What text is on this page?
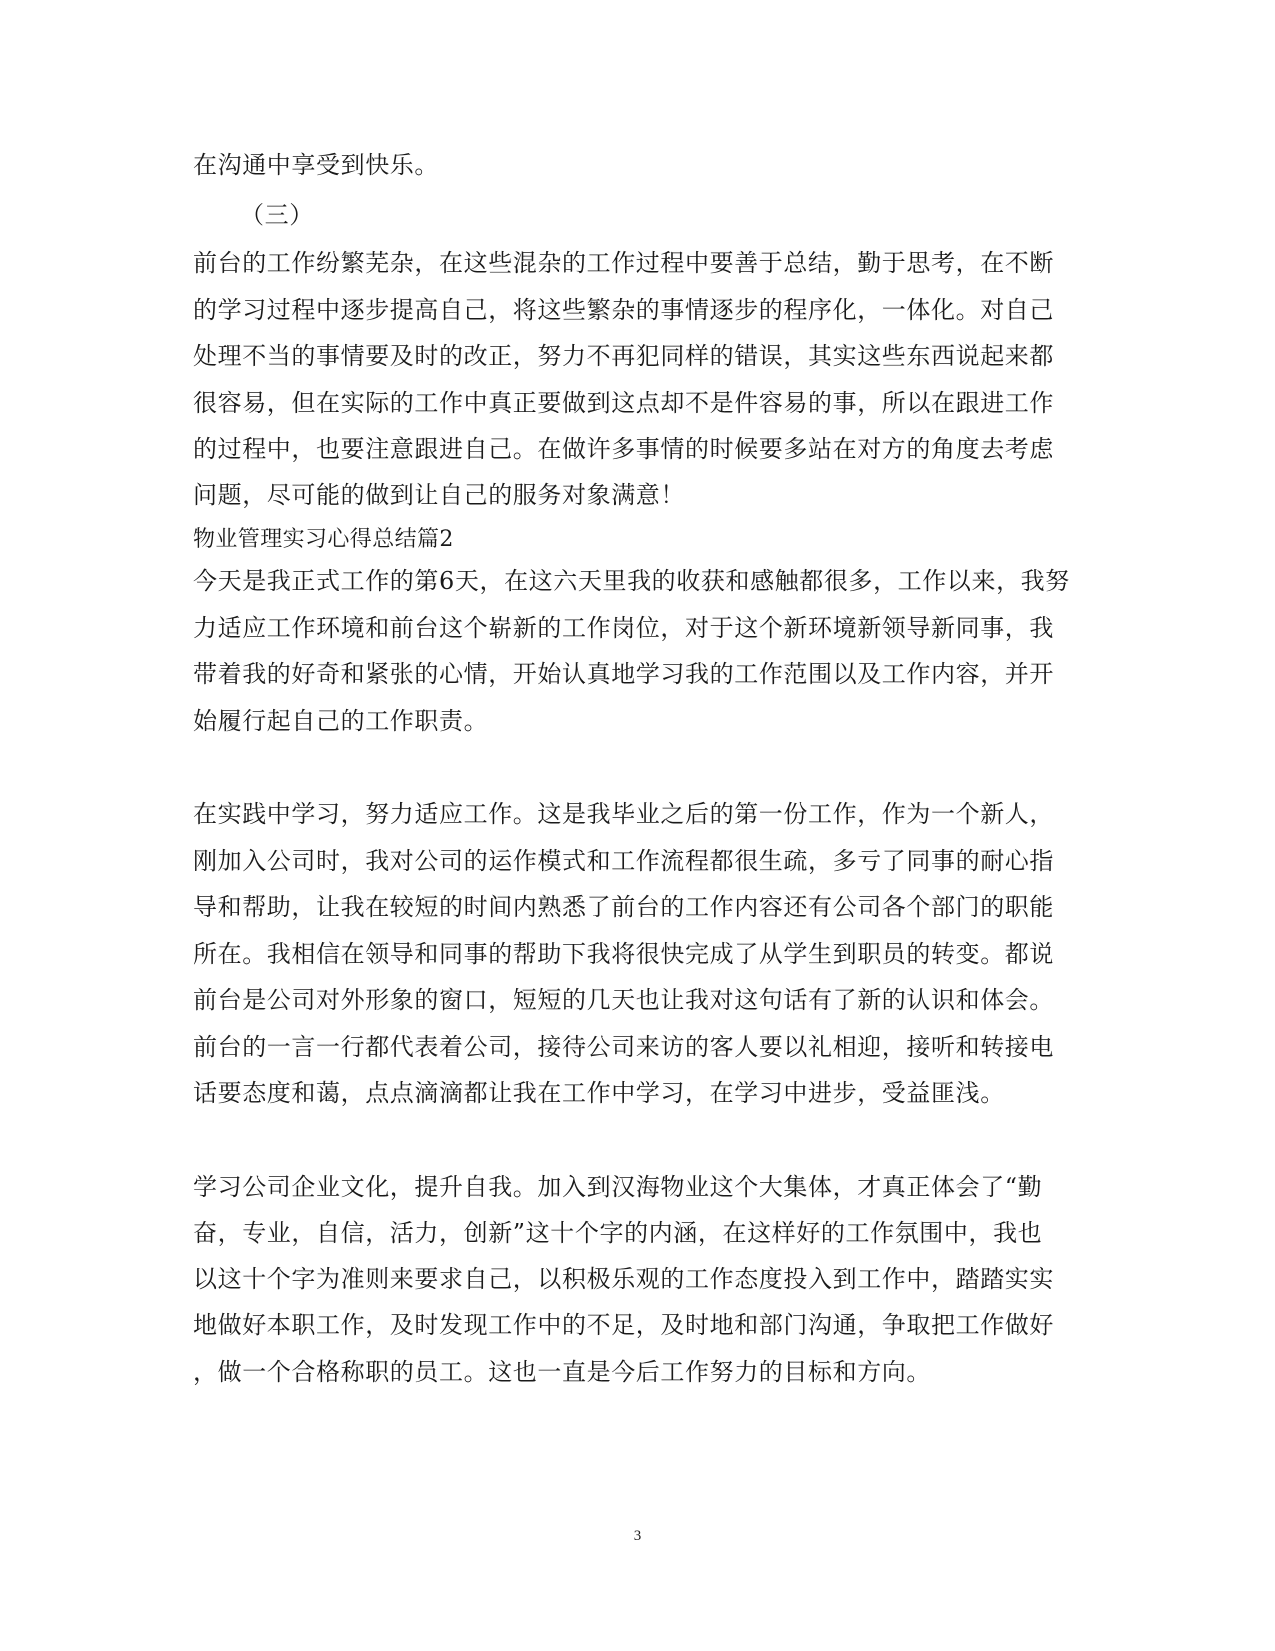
在沟通中享受到快乐。
（三）
前台的工作纷繁芜杂，在这些混杂的工作过程中要善于总结，勤于思考，在不断
的学习过程中逐步提高自己，将这些繁杂的事情逐步的程序化，一体化。对自己
处理不当的事情要及时的改正，努力不再犯同样的错误，其实这些东西说起来都
很容易，但在实际的工作中真正要做到这点却不是件容易的事，所以在跟进工作
的过程中，也要注意跟进自己。在做许多事情的时候要多站在对方的角度去考虑
问题，尽可能的做到让自己的服务对象满意！
物业管理实习心得总结篇2
今天是我正式工作的第6天，在这六天里我的收获和感触都很多，工作以来，我努
力适应工作环境和前台这个崭新的工作岗位，对于这个新环境新领导新同事，我
带着我的好奇和紧张的心情，开始认真地学习我的工作范围以及工作内容，并开
始履行起自己的工作职责。
在实践中学习，努力适应工作。这是我毕业之后的第一份工作，作为一个新人，
刚加入公司时，我对公司的运作模式和工作流程都很生疏，多亏了同事的耐心指
导和帮助，让我在较短的时间内熟悉了前台的工作内容还有公司各个部门的职能
所在。我相信在领导和同事的帮助下我将很快完成了从学生到职员的转变。都说
前台是公司对外形象的窗口，短短的几天也让我对这句话有了新的认识和体会。
前台的一言一行都代表着公司，接待公司来访的客人要以礼相迎，接听和转接电
话要态度和蔼，点点滴滴都让我在工作中学习，在学习中进步，受益匪浅。
学习公司企业文化，提升自我。加入到汉海物业这个大集体，才真正体会了“勤
奋，专业，自信，活力，创新”这十个字的内涵，在这样好的工作氛围中，我也
以这十个字为准则来要求自己，以积极乐观的工作态度投入到工作中，踏踏实实
地做好本职工作，及时发现工作中的不足，及时地和部门沟通，争取把工作做好
，做一个合格称职的员工。这也一直是今后工作努力的目标和方向。
3
